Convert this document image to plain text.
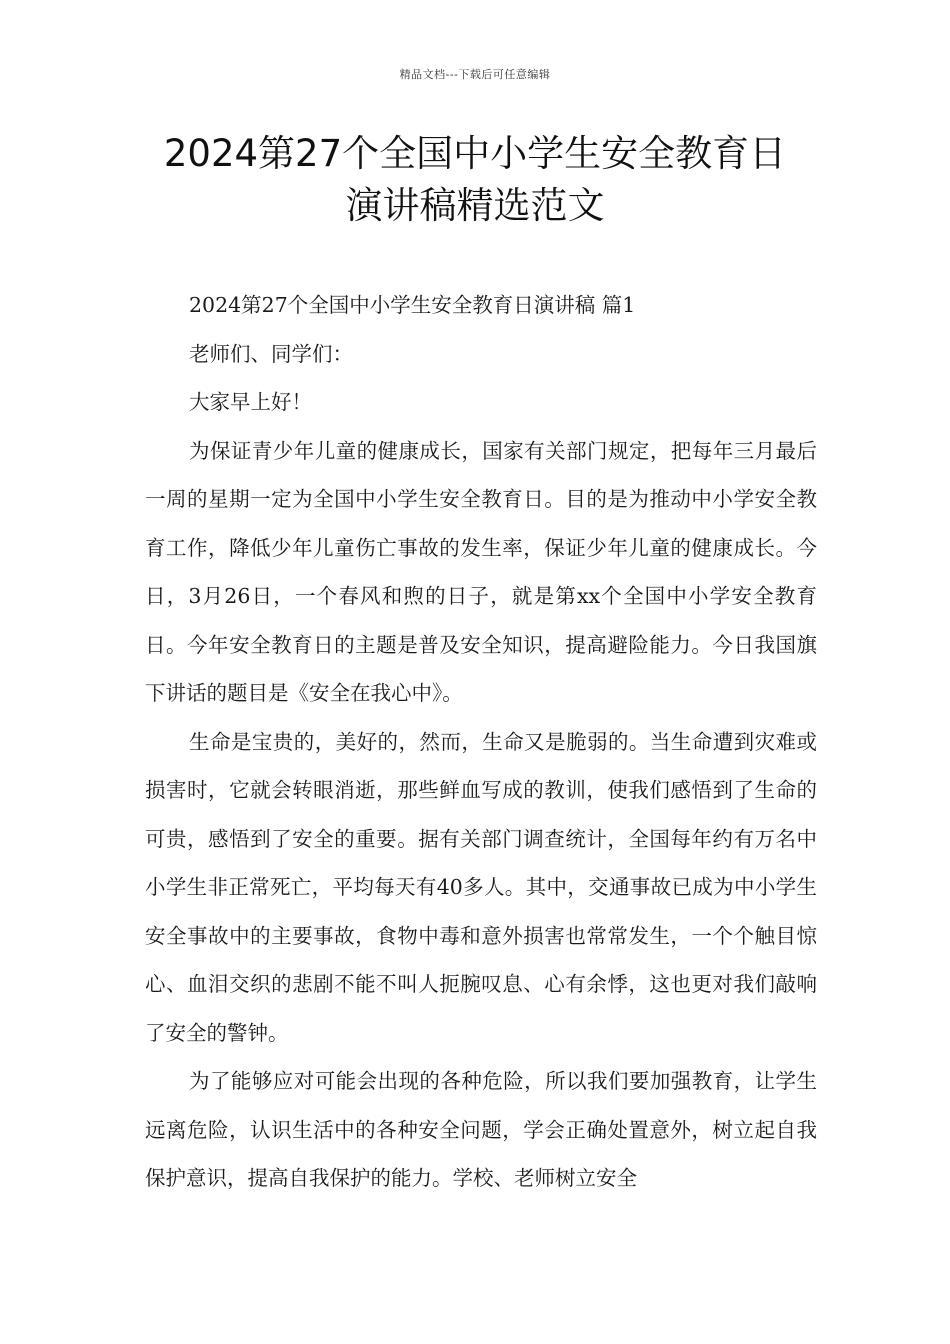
精品文档---下载后可任意编辑
2024第27个全国中小学生安全教育日
演讲稿精选范文

2024第27个全国中小学生安全教育日演讲稿 篇1

老师们、同学们：

大家早上好！

为保证青少年儿童的健康成长，国家有关部门规定，把每年三月最后一周的星期一定为全国中小学生安全教育日。目的是为推动中小学安全教育工作，降低少年儿童伤亡事故的发生率，保证少年儿童的健康成长。今日，3月26日，一个春风和煦的日子，就是第xx个全国中小学安全教育日。今年安全教育日的主题是普及安全知识，提高避险能力。今日我国旗下讲话的题目是《安全在我心中》。

生命是宝贵的，美好的，然而，生命又是脆弱的。当生命遭到灾难或损害时，它就会转眼消逝，那些鲜血写成的教训，使我们感悟到了生命的可贵，感悟到了安全的重要。据有关部门调查统计，全国每年约有万名中小学生非正常死亡，平均每天有40多人。其中，交通事故已成为中小学生安全事故中的主要事故，食物中毒和意外损害也常常发生，一个个触目惊心、血泪交织的悲剧不能不叫人扼腕叹息、心有余悸，这也更对我们敲响了安全的警钟。

为了能够应对可能会出现的各种危险，所以我们要加强教育，让学生远离危险，认识生活中的各种安全问题，学会正确处置意外，树立起自我保护意识，提高自我保护的能力。学校、老师树立安全
